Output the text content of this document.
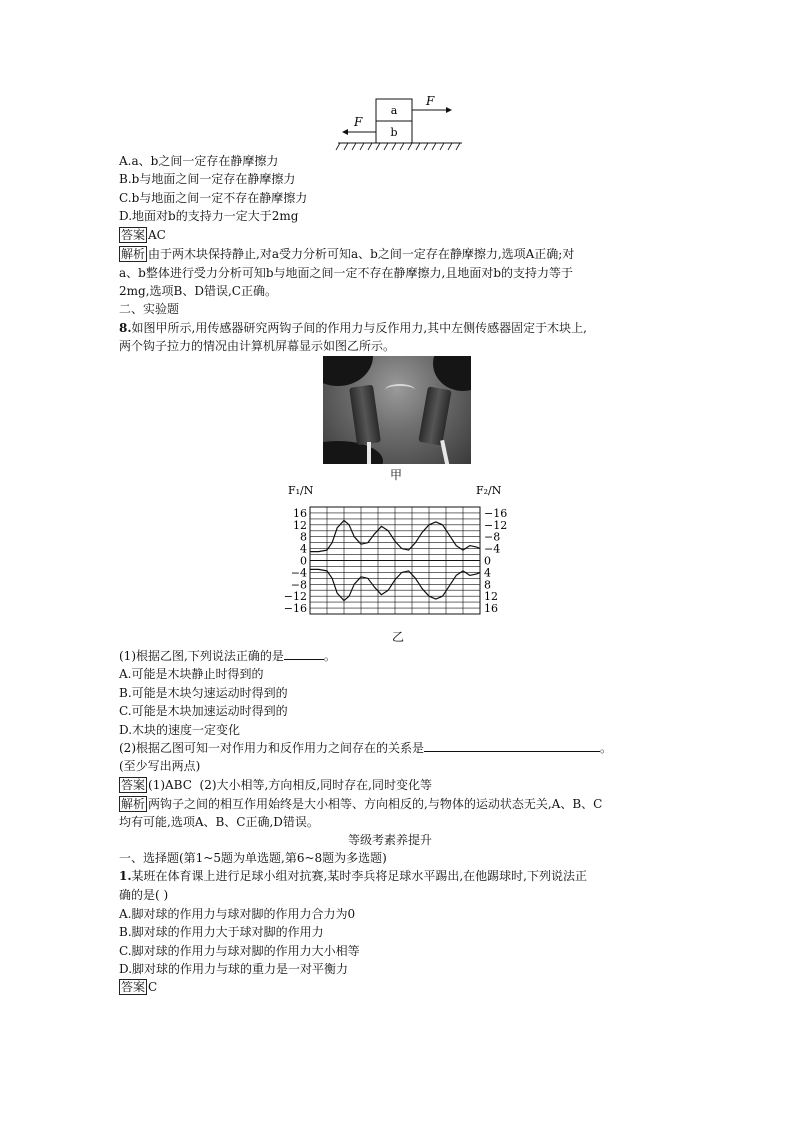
a
b
F
F
A.a、b之间一定存在静摩擦力
B.b与地面之间一定存在静摩擦力
C.b与地面之间一定不存在静摩擦力
D.地面对b的支持力一定大于2mg
答案 AC
解析 由于两木块保持静止,对a受力分析可知a、b之间一定存在静摩擦力,选项A正确;对
a、b整体进行受力分析可知b与地面之间一定不存在静摩擦力,且地面对b的支持力等于
2mg,选项B、D错误,C正确。
二、实验题
8.如图甲所示,用传感器研究两钩子间的作用力与反作用力,其中左侧传感器固定于木块上,
两个钩子拉力的情况由计算机屏幕显示如图乙所示。
甲
16	−16
12	−12
8	−8
4	−4
0	0
−4	4
−8	8
−12	12
−16	16
F₁/N	F₂/N
乙
(1)根据乙图,下列说法正确的是	。
A.可能是木块静止时得到的
B.可能是木块匀速运动时得到的
C.可能是木块加速运动时得到的
D.木块的速度一定变化
(2)根据乙图可知一对作用力和反作用力之间存在的关系是	。
(至少写出两点)
答案 (1)ABC  (2)大小相等,方向相反,同时存在,同时变化等
解析 两钩子之间的相互作用始终是大小相等、方向相反的,与物体的运动状态无关,A、B、C
均有可能,选项A、B、C正确,D错误。
等级考素养提升
一、选择题(第1~5题为单选题,第6~8题为多选题)
1.某班在体育课上进行足球小组对抗赛,某时李兵将足球水平踢出,在他踢球时,下列说法正
确的是( )
A.脚对球的作用力与球对脚的作用力合力为0
B.脚对球的作用力大于球对脚的作用力
C.脚对球的作用力与球对脚的作用力大小相等
D.脚对球的作用力与球的重力是一对平衡力
答案 C
